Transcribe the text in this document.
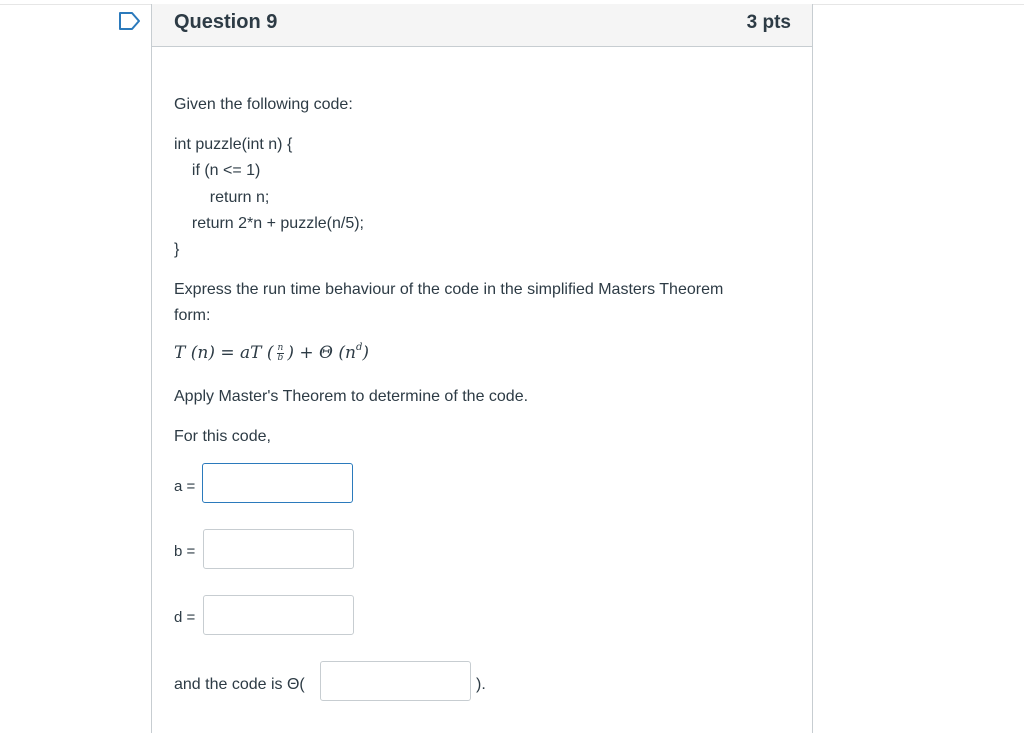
Question 9	3 pts
Given the following code:
int puzzle(int n) {
if (n <= 1)
return n;
return 2*n + puzzle(n/5);
}
Express the run time behaviour of the code in the simplified Masters Theorem
form:
T (n) = aT ( $\frac{n}{b}$ ) + Θ $(n^d)$
Apply Master's Theorem to determine of the code.
For this code,
a =
b =
d =
and the code is Θ(	).
